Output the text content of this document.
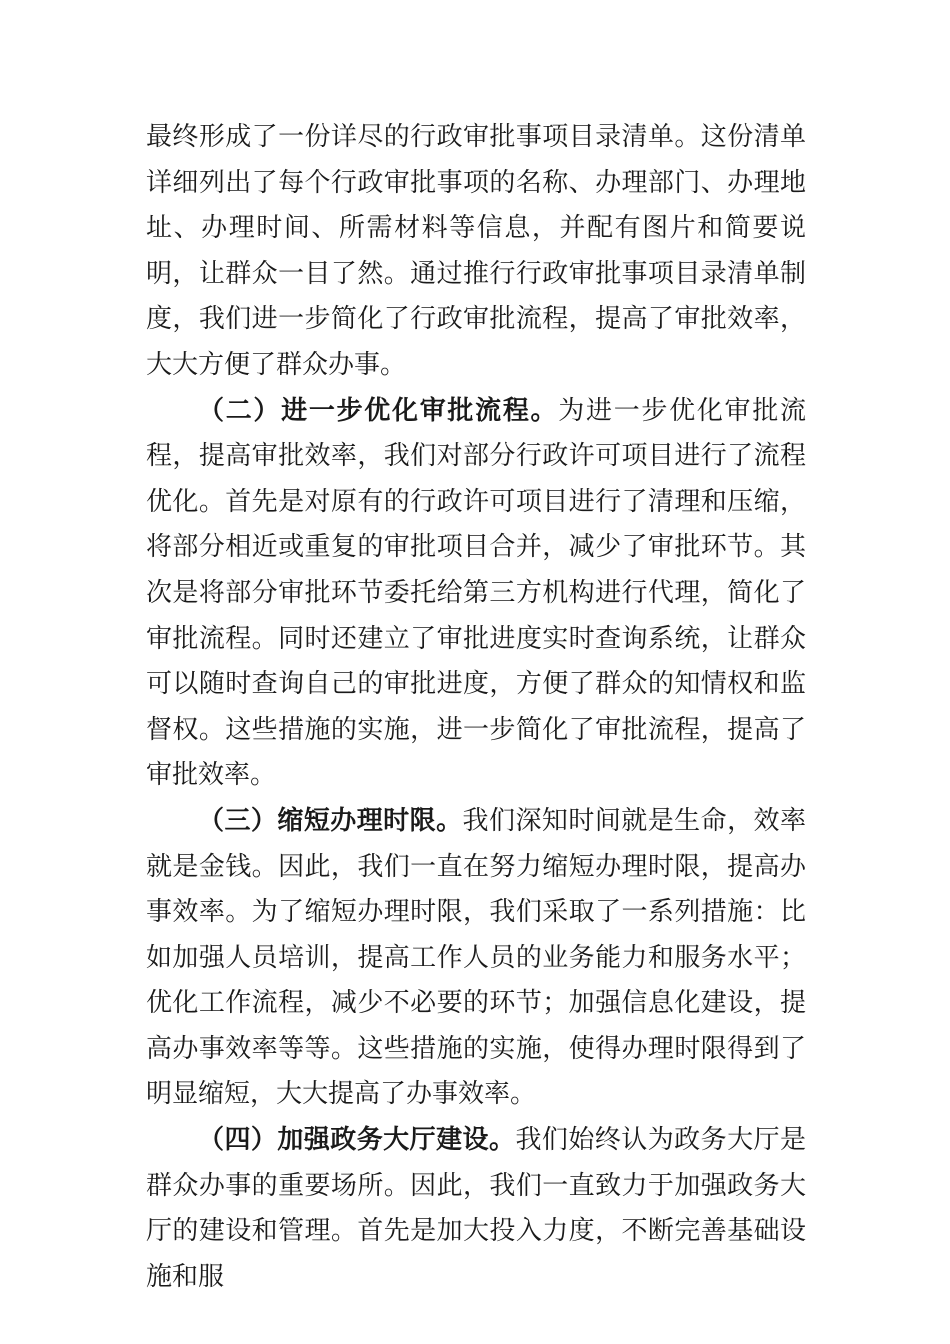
最终形成了一份详尽的行政审批事项目录清单。这份清单详细列出了每个行政审批事项的名称、办理部门、办理地址、办理时间、所需材料等信息，并配有图片和简要说明，让群众一目了然。通过推行行政审批事项目录清单制度，我们进一步简化了行政审批流程，提高了审批效率，大大方便了群众办事。

（二）进一步优化审批流程。为进一步优化审批流程，提高审批效率，我们对部分行政许可项目进行了流程优化。首先是对原有的行政许可项目进行了清理和压缩，将部分相近或重复的审批项目合并，减少了审批环节。其次是将部分审批环节委托给第三方机构进行代理，简化了审批流程。同时还建立了审批进度实时查询系统，让群众可以随时查询自己的审批进度，方便了群众的知情权和监督权。这些措施的实施，进一步简化了审批流程，提高了审批效率。

（三）缩短办理时限。我们深知时间就是生命，效率就是金钱。因此，我们一直在努力缩短办理时限，提高办事效率。为了缩短办理时限，我们采取了一系列措施：比如加强人员培训，提高工作人员的业务能力和服务水平；优化工作流程，减少不必要的环节；加强信息化建设，提高办事效率等等。这些措施的实施，使得办理时限得到了明显缩短，大大提高了办事效率。

（四）加强政务大厅建设。我们始终认为政务大厅是群众办事的重要场所。因此，我们一直致力于加强政务大厅的建设和管理。首先是加大投入力度，不断完善基础设施和服
